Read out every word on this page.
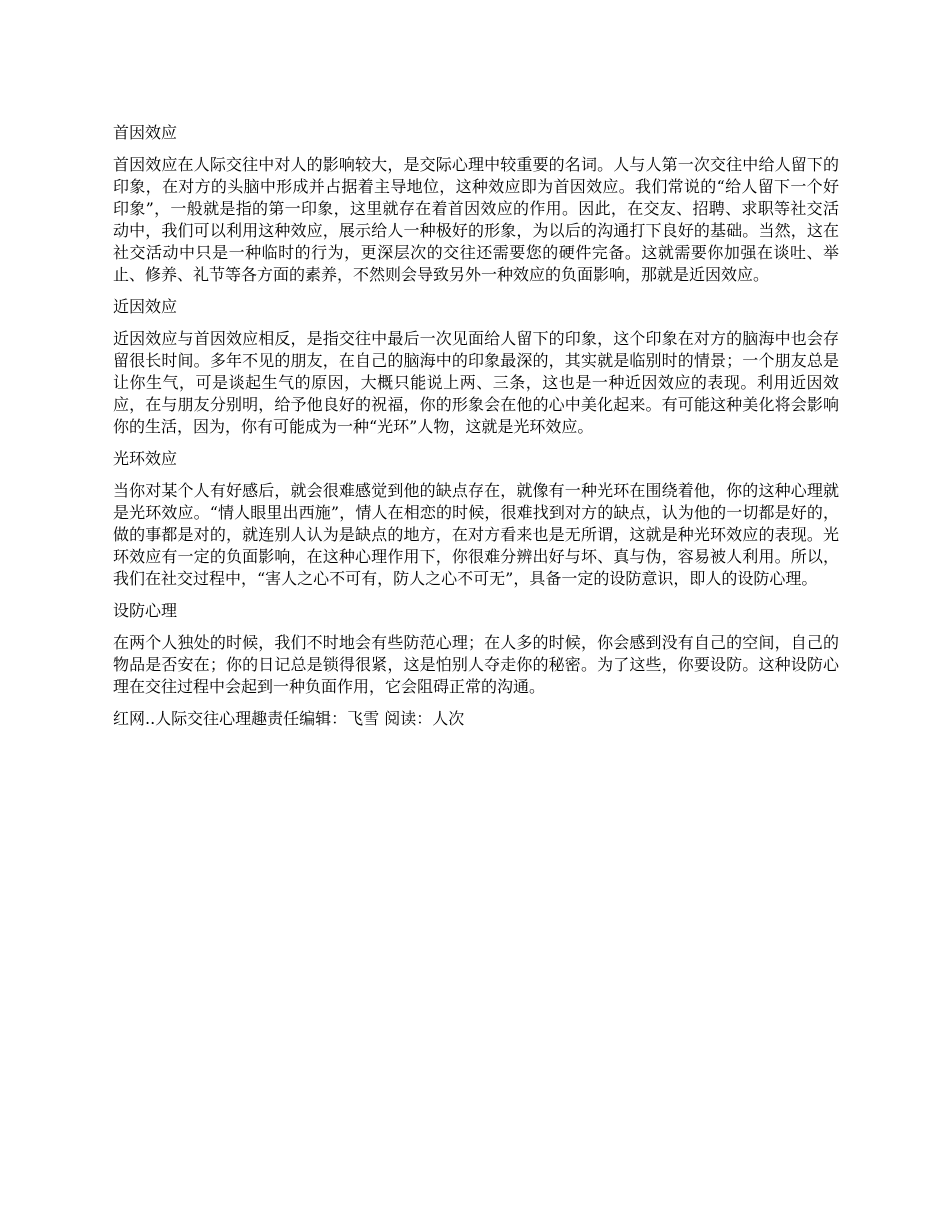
首因效应

首因效应在人际交往中对人的影响较大，是交际心理中较重要的名词。人与人第一次交往中给人留下的印象，在对方的头脑中形成并占据着主导地位，这种效应即为首因效应。我们常说的“给人留下一个好印象”，一般就是指的第一印象，这里就存在着首因效应的作用。因此，在交友、招聘、求职等社交活动中，我们可以利用这种效应，展示给人一种极好的形象，为以后的沟通打下良好的基础。当然，这在社交活动中只是一种临时的行为，更深层次的交往还需要您的硬件完备。这就需要你加强在谈吐、举止、修养、礼节等各方面的素养，不然则会导致另外一种效应的负面影响，那就是近因效应。

近因效应

近因效应与首因效应相反，是指交往中最后一次见面给人留下的印象，这个印象在对方的脑海中也会存留很长时间。多年不见的朋友，在自己的脑海中的印象最深的，其实就是临别时的情景；一个朋友总是让你生气，可是谈起生气的原因，大概只能说上两、三条，这也是一种近因效应的表现。利用近因效应，在与朋友分别明，给予他良好的祝福，你的形象会在他的心中美化起来。有可能这种美化将会影响你的生活，因为，你有可能成为一种“光环”人物，这就是光环效应。

光环效应

当你对某个人有好感后，就会很难感觉到他的缺点存在，就像有一种光环在围绕着他，你的这种心理就是光环效应。“情人眼里出西施”，情人在相恋的时候，很难找到对方的缺点，认为他的一切都是好的，做的事都是对的，就连别人认为是缺点的地方，在对方看来也是无所谓，这就是种光环效应的表现。光环效应有一定的负面影响，在这种心理作用下，你很难分辨出好与坏、真与伪，容易被人利用。所以，我们在社交过程中，“害人之心不可有，防人之心不可无”，具备一定的设防意识，即人的设防心理。

设防心理

在两个人独处的时候，我们不时地会有些防范心理；在人多的时候，你会感到没有自己的空间，自己的物品是否安在；你的日记总是锁得很紧，这是怕别人夺走你的秘密。为了这些，你要设防。这种设防心理在交往过程中会起到一种负面作用，它会阻碍正常的沟通。

红网..人际交往心理趣责任编辑：飞雪 阅读：人次
